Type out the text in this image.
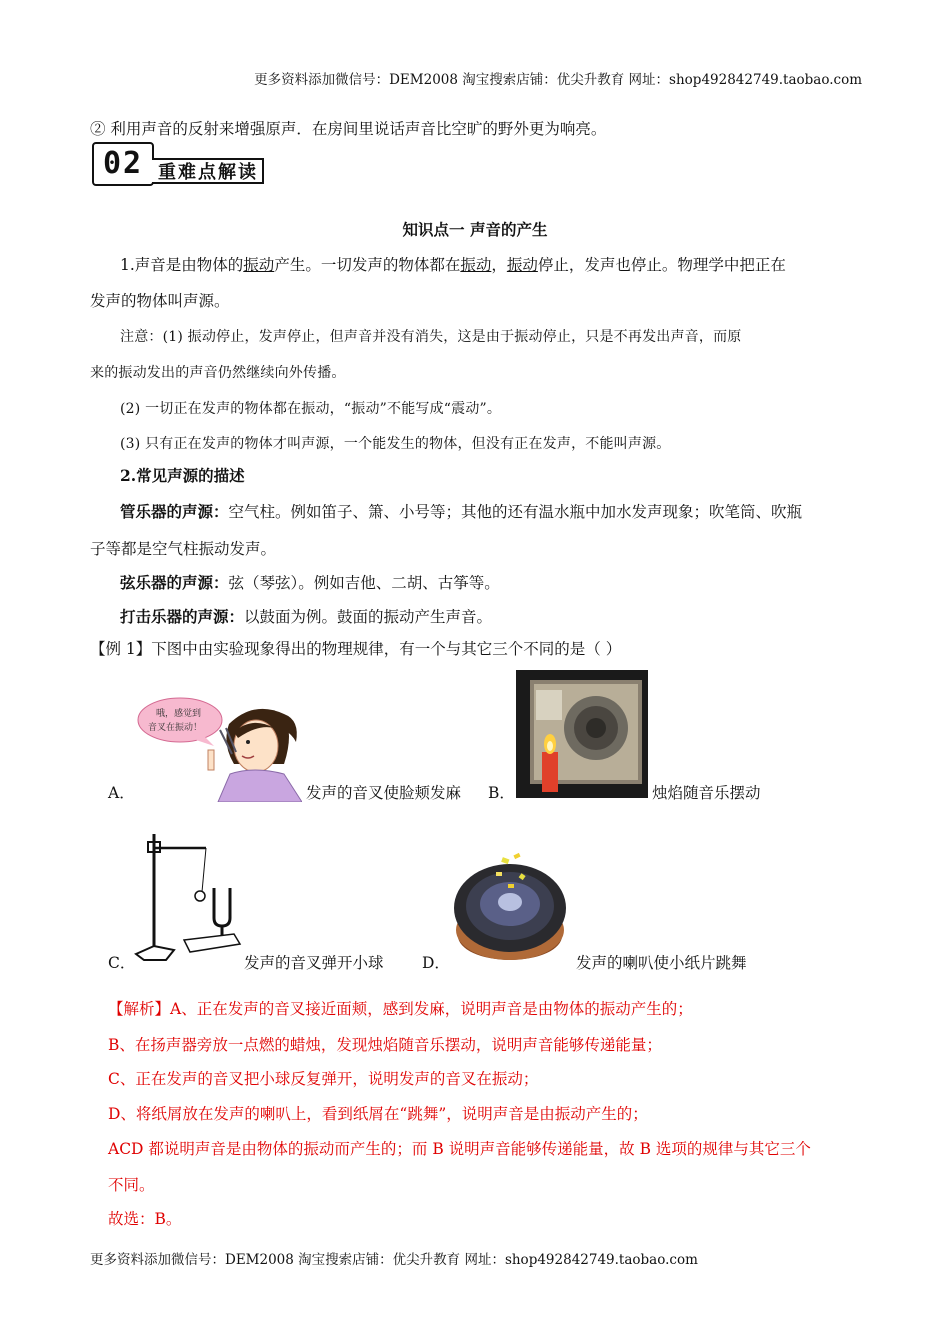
更多资料添加微信号：DEM2008 淘宝搜索店铺：优尖升教育 网址：shop492842749.taobao.com
② 利用声音的反射来增强原声．在房间里说话声音比空旷的野外更为响亮。
02 重难点解读
知识点一 声音的产生
1.声音是由物体的振动产生。一切发声的物体都在振动，振动停止，发声也停止。物理学中把正在
发声的物体叫声源。
注意：(1) 振动停止，发声停止，但声音并没有消失，这是由于振动停止，只是不再发出声音，而原
来的振动发出的声音仍然继续向外传播。
(2) 一切正在发声的物体都在振动，“振动”不能写成“震动”。
(3) 只有正在发声的物体才叫声源，一个能发生的物体，但没有正在发声，不能叫声源。
2.常见声源的描述
管乐器的声源：空气柱。例如笛子、箫、小号等；其他的还有温水瓶中加水发声现象；吹笔筒、吹瓶
子等都是空气柱振动发声。
弦乐器的声源：弦（琴弦）。例如吉他、二胡、古筝等。
打击乐器的声源：以鼓面为例。鼓面的振动产生声音。
【例 1】下图中由实验现象得出的物理规律，有一个与其它三个不同的是（ ）
哦，感觉到
音叉在振动！
A．	发声的音叉使脸颊发麻 B．	烛焰随音乐摆动
C．	发声的音叉弹开小球 D．	发声的喇叭使小纸片跳舞
【解析】A、正在发声的音叉接近面颊，感到发麻，说明声音是由物体的振动产生的；
B、在扬声器旁放一点燃的蜡烛，发现烛焰随音乐摆动，说明声音能够传递能量；
C、正在发声的音叉把小球反复弹开，说明发声的音叉在振动；
D、将纸屑放在发声的喇叭上，看到纸屑在“跳舞”，说明声音是由振动产生的；
ACD 都说明声音是由物体的振动而产生的；而 B 说明声音能够传递能量，故 B 选项的规律与其它三个
不同。
故选：B。
更多资料添加微信号：DEM2008 淘宝搜索店铺：优尖升教育 网址：shop492842749.taobao.com
